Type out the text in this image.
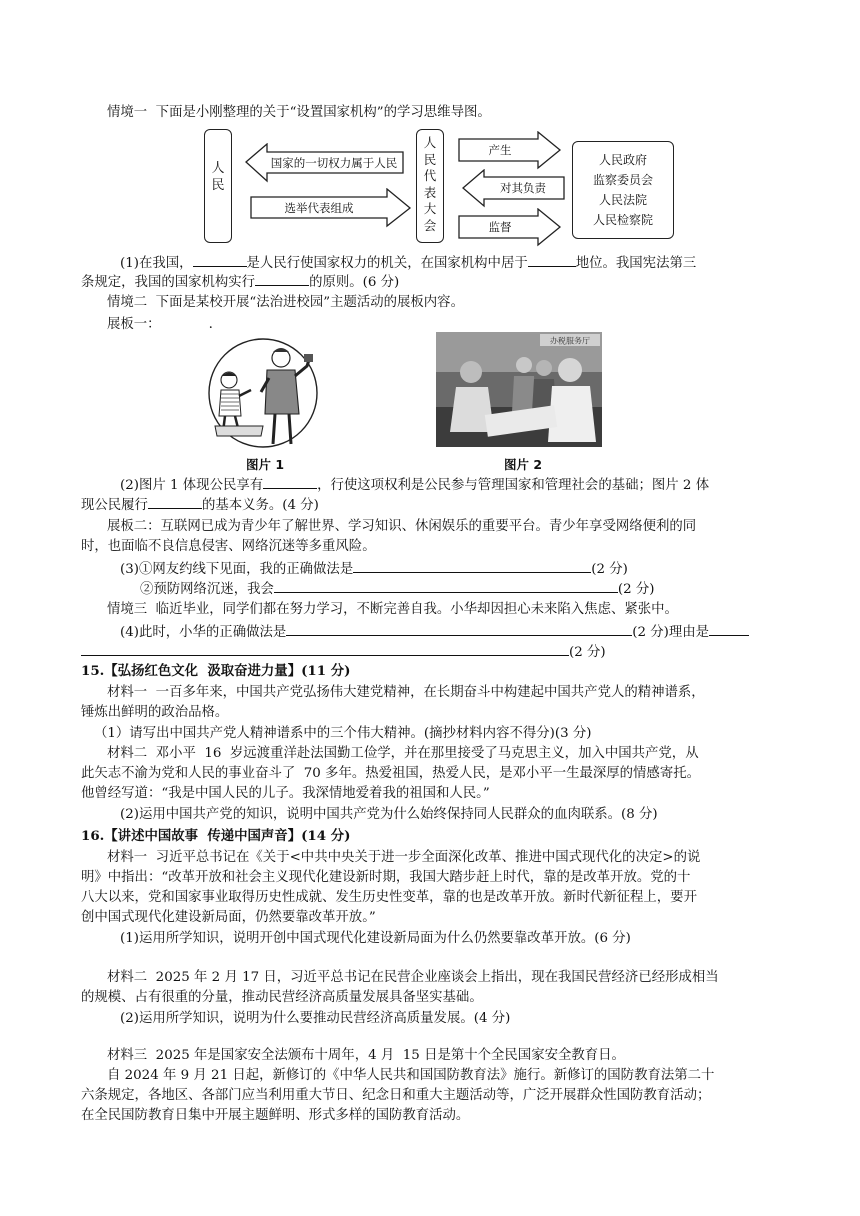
情境一  下面是小刚整理的关于“设置国家机构”的学习思维导图。
人民
国家的一切权力属于人民
选举代表组成
人
民
代
表
大
会
产生
对其负责
监督
人民政府
监察委员会
人民法院
人民检察院
(1)在我国，	是人民行使国家权力的机关，在国家机构中居于	地位。我国宪法第三
条规定，我国的国家机构实行	的原则。(6 分)
情境二  下面是某校开展“法治进校园”主题活动的展板内容。
展板一：	.
图片 1
办税服务厅
图片 2
(2)图片 1 体现公民享有	，行使这项权利是公民参与管理国家和管理社会的基础；图片 2 体
现公民履行	的基本义务。(4 分)
展板二：互联网已成为青少年了解世界、学习知识、休闲娱乐的重要平台。青少年享受网络便利的同
时，也面临不良信息侵害、网络沉迷等多重风险。
(3)①网友约线下见面，我的正确做法是	(2 分)
②预防网络沉迷，我会	(2 分)
情境三  临近毕业，同学们都在努力学习，不断完善自我。小华却因担心未来陷入焦虑、紧张中。
(4)此时，小华的正确做法是	(2 分)理由是
(2 分)
15.【弘扬红色文化  汲取奋进力量】(11 分)
材料一  一百多年来，中国共产党弘扬伟大建党精神，在长期奋斗中构建起中国共产党人的精神谱系，
锤炼出鲜明的政治品格。
（1）请写出中国共产党人精神谱系中的三个伟大精神。(摘抄材料内容不得分)(3 分)
材料二  邓小平  16  岁远渡重洋赴法国勤工俭学，并在那里接受了马克思主义，加入中国共产党，从
此矢志不渝为党和人民的事业奋斗了  70 多年。热爱祖国，热爱人民，是邓小平一生最深厚的情感寄托。
他曾经写道：“我是中国人民的儿子。我深情地爱着我的祖国和人民。”
(2)运用中国共产党的知识，说明中国共产党为什么始终保持同人民群众的血肉联系。(8 分)
16.【讲述中国故事  传递中国声音】(14 分)
材料一  习近平总书记在《关于<中共中央关于进一步全面深化改革、推进中国式现代化的决定>的说
明》中指出：“改革开放和社会主义现代化建设新时期，我国大踏步赶上时代，靠的是改革开放。党的十
八大以来，党和国家事业取得历史性成就、发生历史性变革，靠的也是改革开放。新时代新征程上，要开
创中国式现代化建设新局面，仍然要靠改革开放。”
(1)运用所学知识，说明开创中国式现代化建设新局面为什么仍然要靠改革开放。(6 分)
材料二  2025 年 2 月 17 日，习近平总书记在民营企业座谈会上指出，现在我国民营经济已经形成相当
的规模、占有很重的分量，推动民营经济高质量发展具备坚实基础。
(2)运用所学知识，说明为什么要推动民营经济高质量发展。(4 分)
材料三  2025 年是国家安全法颁布十周年，4 月  15 日是第十个全民国家安全教育日。
自 2024 年 9 月 21 日起，新修订的《中华人民共和国国防教育法》施行。新修订的国防教育法第二十
六条规定，各地区、各部门应当利用重大节日、纪念日和重大主题活动等，广泛开展群众性国防教育活动；
在全民国防教育日集中开展主题鲜明、形式多样的国防教育活动。
